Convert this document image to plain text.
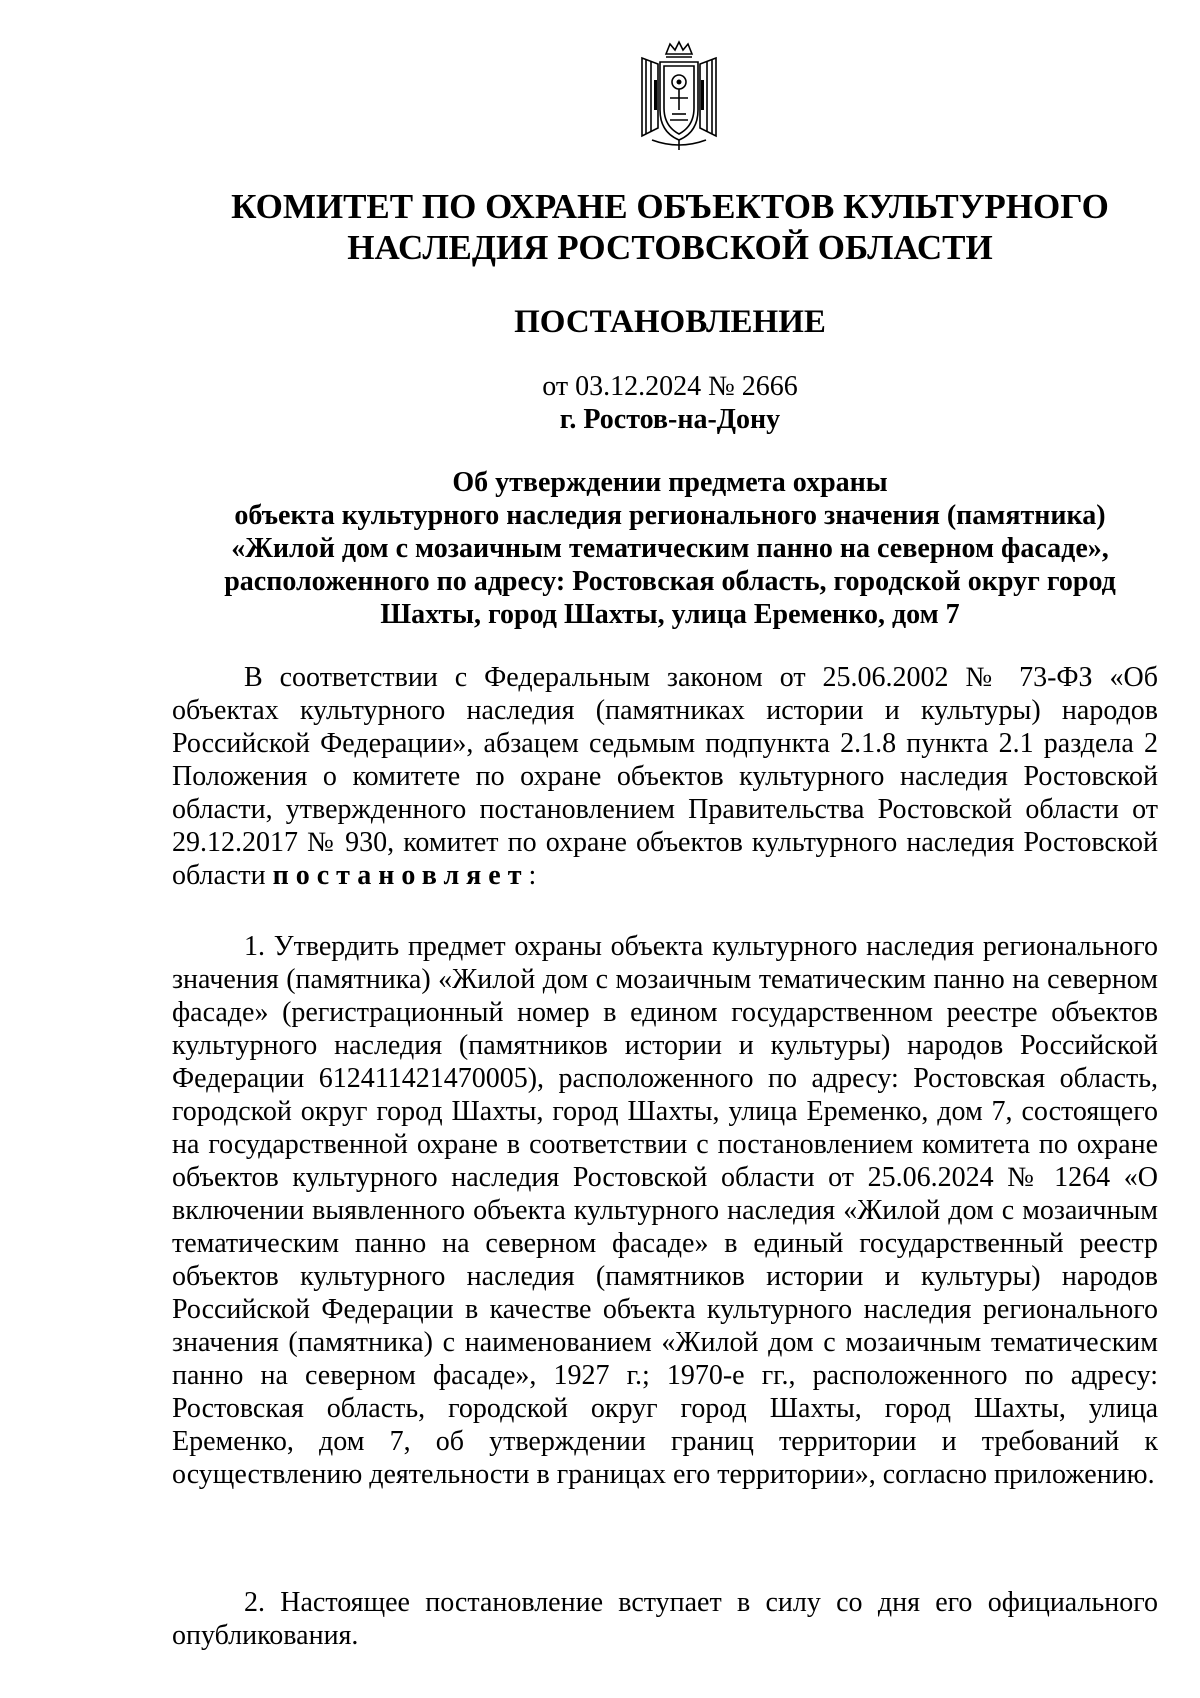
КОМИТЕТ ПО ОХРАНЕ ОБЪЕКТОВ КУЛЬТУРНОГО
НАСЛЕДИЯ РОСТОВСКОЙ ОБЛАСТИ
ПОСТАНОВЛЕНИЕ
от 03.12.2024 № 2666
г. Ростов-на-Дону
Об утверждении предмета охраны
объекта культурного наследия регионального значения (памятника)
«Жилой дом с мозаичным тематическим панно на северном фасаде»,
расположенного по адресу: Ростовская область, городской округ город
Шахты, город Шахты, улица Еременко, дом 7
В соответствии с Федеральным законом от 25.06.2002 № 73-ФЗ «Об объектах культурного наследия (памятниках истории и культуры) народов Российской Федерации», абзацем седьмым подпункта 2.1.8 пункта 2.1 раздела 2 Положения о комитете по охране объектов культурного наследия Ростовской области, утвержденного постановлением Правительства Ростовской области от 29.12.2017 № 930, комитет по охране объектов культурного наследия Ростовской области постановляет:
1. Утвердить предмет охраны объекта культурного наследия регионального значения (памятника) «Жилой дом с мозаичным тематическим панно на северном фасаде» (регистрационный номер в едином государственном реестре объектов культурного наследия (памятников истории и культуры) народов Российской Федерации 612411421470005), расположенного по адресу: Ростовская область, городской округ город Шахты, город Шахты, улица Еременко, дом 7, состоящего на государственной охране в соответствии с постановлением комитета по охране объектов культурного наследия Ростовской области от 25.06.2024 № 1264 «О включении выявленного объекта культурного наследия «Жилой дом с мозаичным тематическим панно на северном фасаде» в единый государственный реестр объектов культурного наследия (памятников истории и культуры) народов Российской Федерации в качестве объекта культурного наследия регионального значения (памятника) с наименованием «Жилой дом с мозаичным тематическим панно на северном фасаде», 1927 г.; 1970-е гг., расположенного по адресу: Ростовская область, городской округ город Шахты, город Шахты, улица Еременко, дом 7, об утверждении границ территории и требований к осуществлению деятельности в границах его территории», согласно приложению.
2. Настоящее постановление вступает в силу со дня его официального опубликования.
